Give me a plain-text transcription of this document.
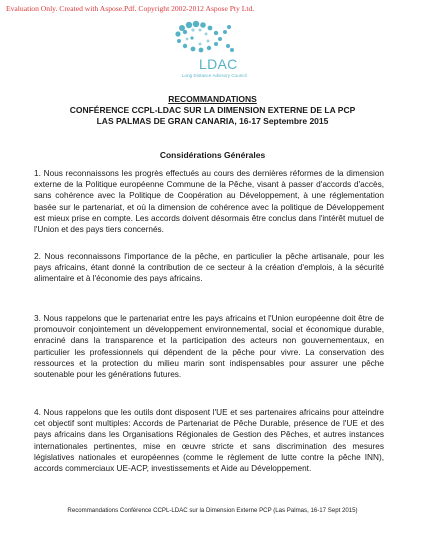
Evaluation Only. Created with Aspose.Pdf. Copyright 2002-2012 Aspose Pty Ltd.
LDAC
Long Distance Advisory Council
RECOMMANDATIONS
CONFÉRENCE CCPL-LDAC SUR LA DIMENSION EXTERNE DE LA PCP
LAS PALMAS DE GRAN CANARIA, 16-17 Septembre 2015
Considérations Générales

1. Nous reconnaissons les progrès effectués au cours des dernières réformes de la dimension externe de la Politique européenne Commune de la Pêche, visant à passer d'accords d'accès, sans cohérence avec la Politique de Coopération au Développement, à une réglementation basée sur le partenariat, et où la dimension de cohérence avec la politique de Développement est mieux prise en compte. Les accords doivent désormais être conclus dans l'intérêt mutuel de l'Union et des pays tiers concernés.

2. Nous reconnaissons l'importance de la pêche, en particulier la pêche artisanale, pour les pays africains, étant donné la contribution de ce secteur à la création d'emplois, à la sécurité alimentaire et à l'économie des pays africains.

3. Nous rappelons que le partenariat entre les pays africains et l'Union européenne doit être de promouvoir conjointement un développement environnemental, social et économique durable, enraciné dans la transparence et la participation des acteurs non gouvernementaux, en particulier les professionnels qui dépendent de la pêche pour vivre. La conservation des ressources et la protection du milieu marin sont indispensables pour assurer une pêche soutenable pour les générations futures.

4. Nous rappelons que les outils dont disposent l'UE et ses partenaires africains pour atteindre cet objectif sont multiples: Accords de Partenariat de Pêche Durable, présence de l'UE et des pays africains dans les Organisations Régionales de Gestion des Pêches, et autres instances internationales pertinentes, mise en œuvre stricte et sans discrimination des mesures législatives nationales et européennes (comme le règlement de lutte contre la pêche INN), accords commerciaux UE-ACP, investissements et Aide au Développement.

Recommandations Conférence CCPL-LDAC sur la Dimension Externe PCP (Las Palmas, 16-17 Sept 2015)
